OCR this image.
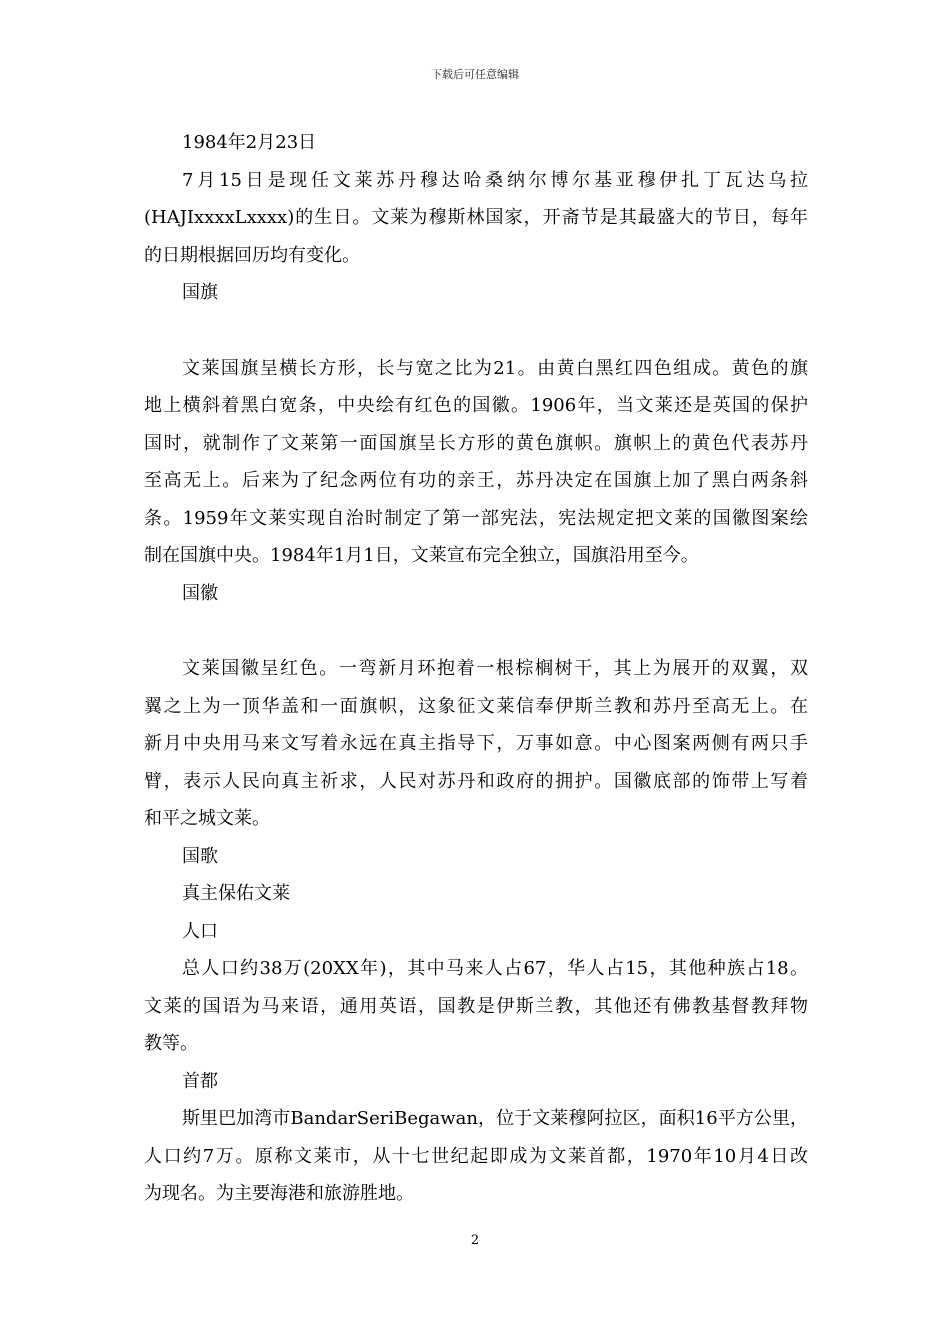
下载后可任意编辑
1984年2月23日
7月15日是现任文莱苏丹穆达哈桑纳尔博尔基亚穆伊扎丁瓦达乌拉
(HAJIxxxxLxxxx)的生日。文莱为穆斯林国家，开斋节是其最盛大的节日，每年
的日期根据回历均有变化。
国旗
文莱国旗呈横长方形，长与宽之比为21。由黄白黑红四色组成。黄色的旗
地上横斜着黑白宽条，中央绘有红色的国徽。1906年，当文莱还是英国的保护
国时，就制作了文莱第一面国旗呈长方形的黄色旗帜。旗帜上的黄色代表苏丹
至高无上。后来为了纪念两位有功的亲王，苏丹决定在国旗上加了黑白两条斜
条。1959年文莱实现自治时制定了第一部宪法，宪法规定把文莱的国徽图案绘
制在国旗中央。1984年1月1日，文莱宣布完全独立，国旗沿用至今。
国徽
文莱国徽呈红色。一弯新月环抱着一根棕榈树干，其上为展开的双翼，双
翼之上为一顶华盖和一面旗帜，这象征文莱信奉伊斯兰教和苏丹至高无上。在
新月中央用马来文写着永远在真主指导下，万事如意。中心图案两侧有两只手
臂，表示人民向真主祈求，人民对苏丹和政府的拥护。国徽底部的饰带上写着
和平之城文莱。
国歌
真主保佑文莱
人口
总人口约38万(20XX年)，其中马来人占67，华人占15，其他种族占18。
文莱的国语为马来语，通用英语，国教是伊斯兰教，其他还有佛教基督教拜物
教等。
首都
斯里巴加湾市BandarSeriBegawan，位于文莱穆阿拉区，面积16平方公里，
人口约7万。原称文莱市，从十七世纪起即成为文莱首都，1970年10月4日改
为现名。为主要海港和旅游胜地。
2
